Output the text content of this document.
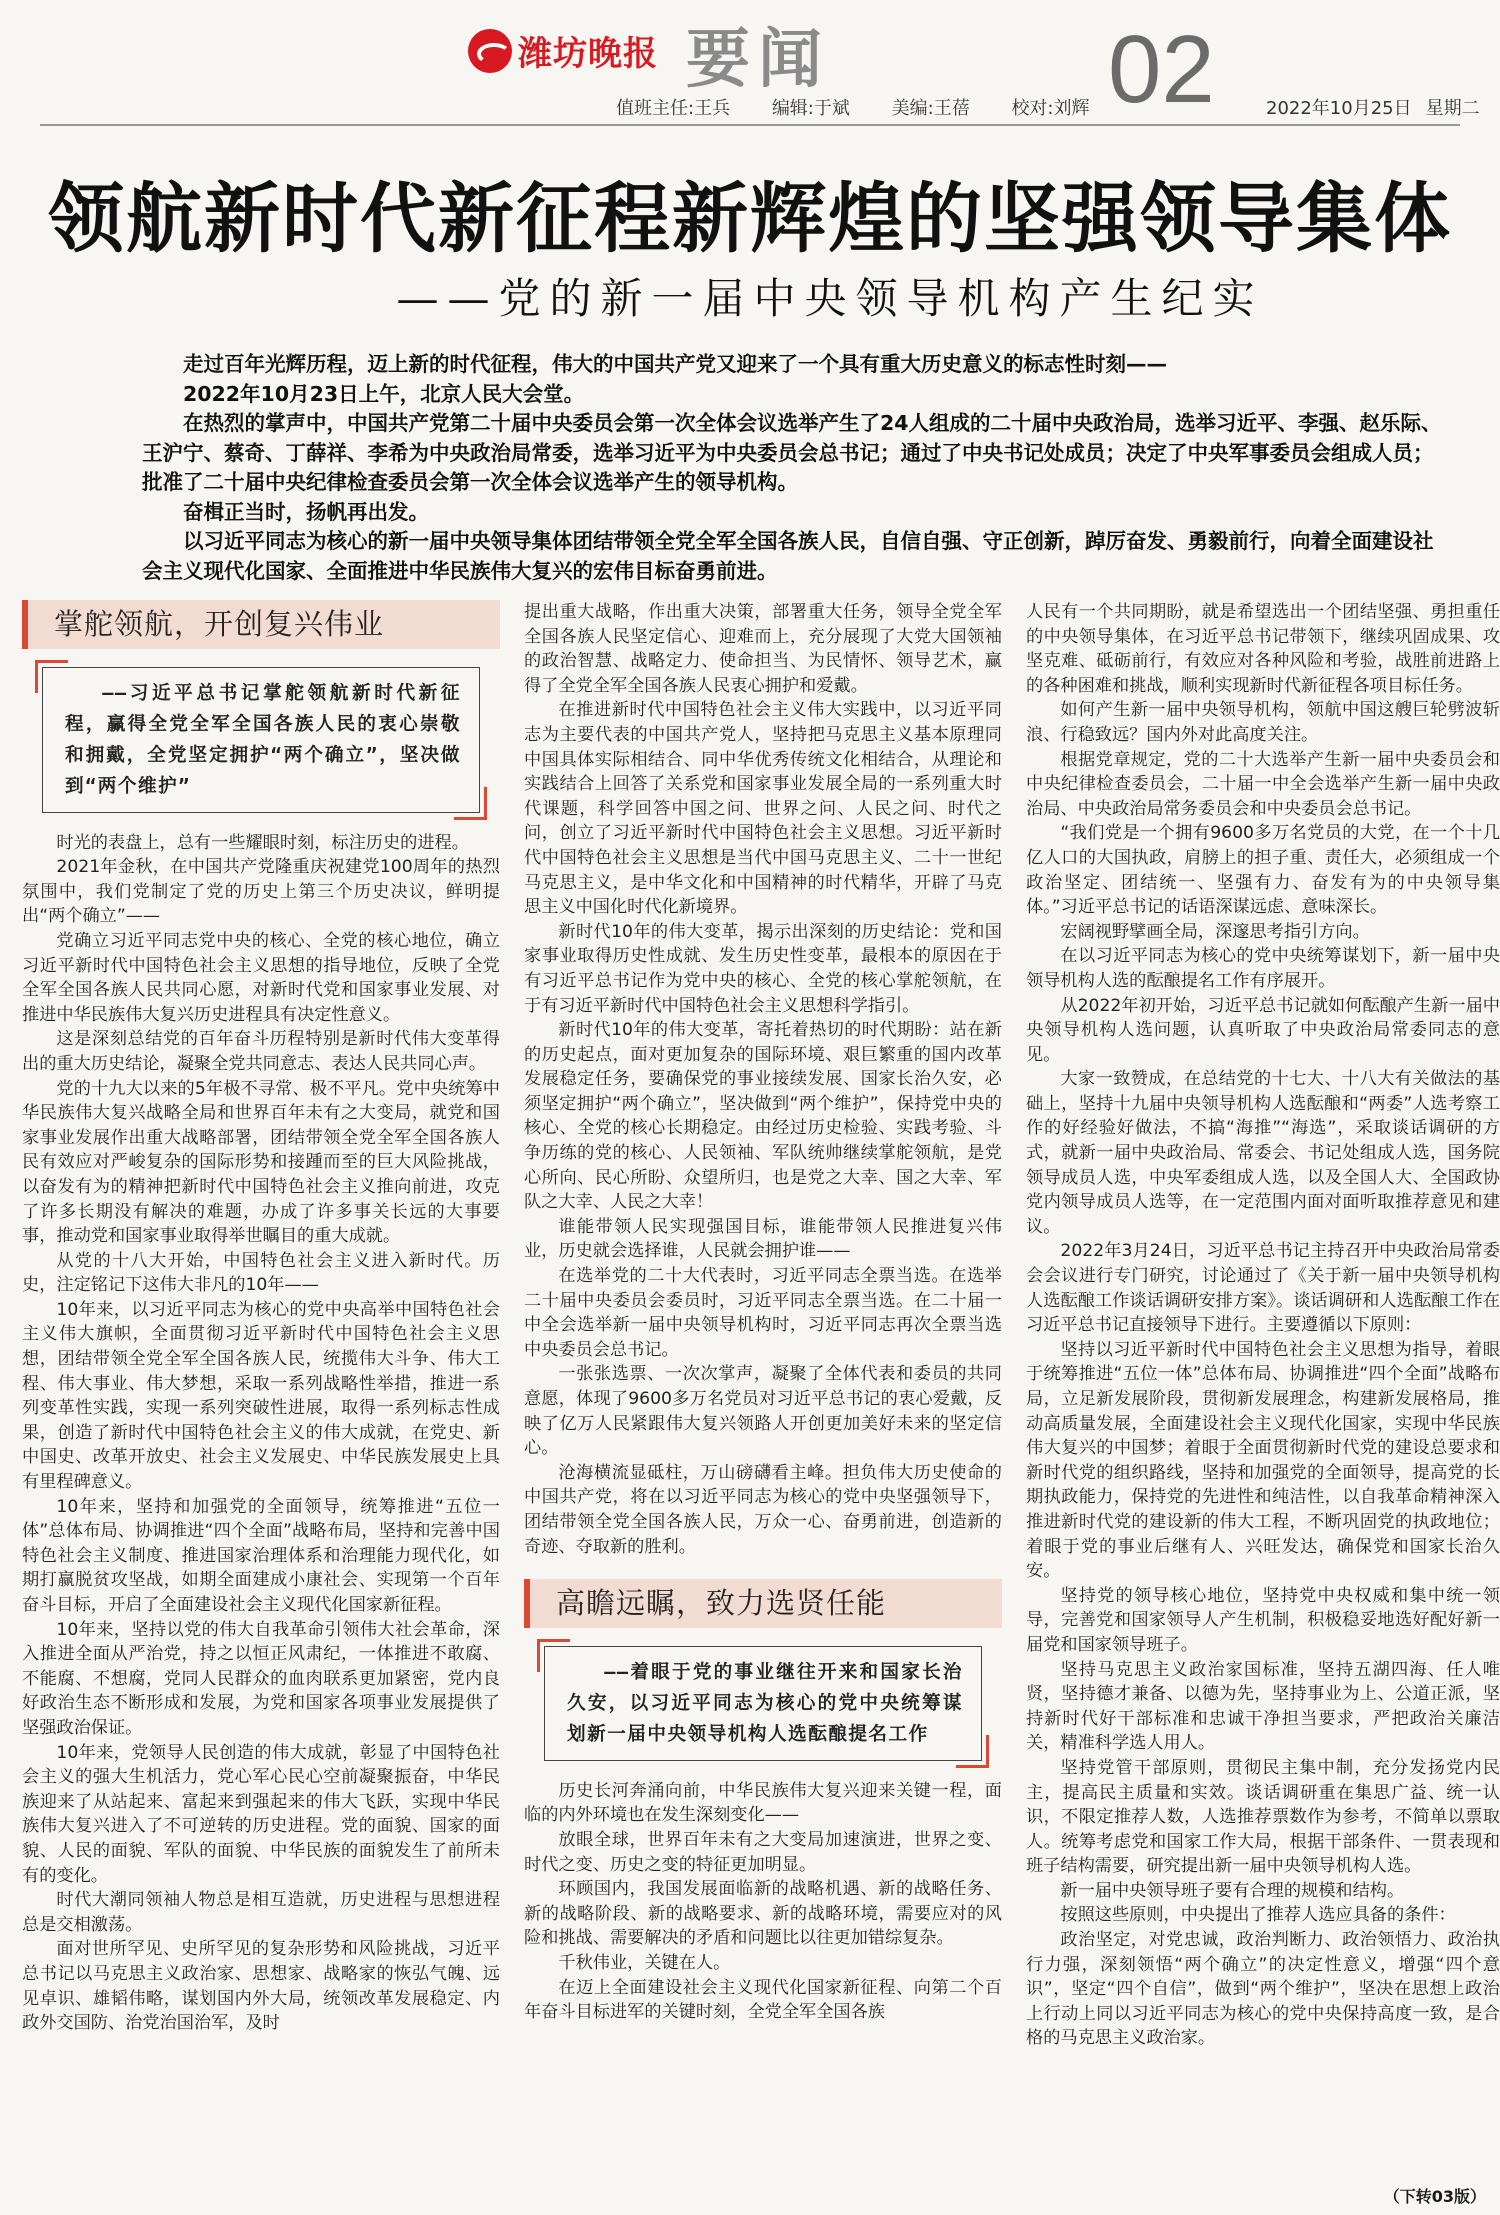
潍坊晚报 要闻	02
值班主任:王兵 编辑:于斌 美编:王蓓 校对:刘辉	2022年10月25日 星期二
领航新时代新征程新辉煌的坚强领导集体
——党的新一届中央领导机构产生纪实

走过百年光辉历程，迈上新的时代征程，伟大的中国共产党又迎来了一个具有重大历史意义的标志性时刻——

2022年10月23日上午，北京人民大会堂。

在热烈的掌声中，中国共产党第二十届中央委员会第一次全体会议选举产生了24人组成的二十届中央政治局，选举习近平、李强、赵乐际、王沪宁、蔡奇、丁薛祥、李希为中央政治局常委，选举习近平为中央委员会总书记；通过了中央书记处成员；决定了中央军事委员会组成人员；批准了二十届中央纪律检查委员会第一次全体会议选举产生的领导机构。

奋楫正当时，扬帆再出发。

以习近平同志为核心的新一届中央领导集体团结带领全党全军全国各族人民，自信自强、守正创新，踔厉奋发、勇毅前行，向着全面建设社会主义现代化国家、全面推进中华民族伟大复兴的宏伟目标奋勇前进。

掌舵领航，开创复兴伟业

——习近平总书记掌舵领航新时代新征程，赢得全党全军全国各族人民的衷心崇敬和拥戴，全党坚定拥护“两个确立”，坚决做到“两个维护”

时光的表盘上，总有一些耀眼时刻，标注历史的进程。

2021年金秋，在中国共产党隆重庆祝建党100周年的热烈氛围中，我们党制定了党的历史上第三个历史决议，鲜明提出“两个确立”——

党确立习近平同志党中央的核心、全党的核心地位，确立习近平新时代中国特色社会主义思想的指导地位，反映了全党全军全国各族人民共同心愿，对新时代党和国家事业发展、对推进中华民族伟大复兴历史进程具有决定性意义。

这是深刻总结党的百年奋斗历程特别是新时代伟大变革得出的重大历史结论，凝聚全党共同意志、表达人民共同心声。

党的十九大以来的5年极不寻常、极不平凡。党中央统筹中华民族伟大复兴战略全局和世界百年未有之大变局，就党和国家事业发展作出重大战略部署，团结带领全党全军全国各族人民有效应对严峻复杂的国际形势和接踵而至的巨大风险挑战，以奋发有为的精神把新时代中国特色社会主义推向前进，攻克了许多长期没有解决的难题，办成了许多事关长远的大事要事，推动党和国家事业取得举世瞩目的重大成就。

从党的十八大开始，中国特色社会主义进入新时代。历史，注定铭记下这伟大非凡的10年——

10年来，以习近平同志为核心的党中央高举中国特色社会主义伟大旗帜，全面贯彻习近平新时代中国特色社会主义思想，团结带领全党全军全国各族人民，统揽伟大斗争、伟大工程、伟大事业、伟大梦想，采取一系列战略性举措，推进一系列变革性实践，实现一系列突破性进展，取得一系列标志性成果，创造了新时代中国特色社会主义的伟大成就，在党史、新中国史、改革开放史、社会主义发展史、中华民族发展史上具有里程碑意义。

10年来，坚持和加强党的全面领导，统筹推进“五位一体”总体布局、协调推进“四个全面”战略布局，坚持和完善中国特色社会主义制度、推进国家治理体系和治理能力现代化，如期打赢脱贫攻坚战，如期全面建成小康社会、实现第一个百年奋斗目标，开启了全面建设社会主义现代化国家新征程。

10年来，坚持以党的伟大自我革命引领伟大社会革命，深入推进全面从严治党，持之以恒正风肃纪，一体推进不敢腐、不能腐、不想腐，党同人民群众的血肉联系更加紧密，党内良好政治生态不断形成和发展，为党和国家各项事业发展提供了坚强政治保证。

10年来，党领导人民创造的伟大成就，彰显了中国特色社会主义的强大生机活力，党心军心民心空前凝聚振奋，中华民族迎来了从站起来、富起来到强起来的伟大飞跃，实现中华民族伟大复兴进入了不可逆转的历史进程。党的面貌、国家的面貌、人民的面貌、军队的面貌、中华民族的面貌发生了前所未有的变化。

时代大潮同领袖人物总是相互造就，历史进程与思想进程总是交相激荡。

面对世所罕见、史所罕见的复杂形势和风险挑战，习近平总书记以马克思主义政治家、思想家、战略家的恢弘气魄、远见卓识、雄韬伟略，谋划国内外大局，统领改革发展稳定、内政外交国防、治党治国治军，及时

提出重大战略，作出重大决策，部署重大任务，领导全党全军全国各族人民坚定信心、迎难而上，充分展现了大党大国领袖的政治智慧、战略定力、使命担当、为民情怀、领导艺术，赢得了全党全军全国各族人民衷心拥护和爱戴。

在推进新时代中国特色社会主义伟大实践中，以习近平同志为主要代表的中国共产党人，坚持把马克思主义基本原理同中国具体实际相结合、同中华优秀传统文化相结合，从理论和实践结合上回答了关系党和国家事业发展全局的一系列重大时代课题，科学回答中国之问、世界之问、人民之问、时代之问，创立了习近平新时代中国特色社会主义思想。习近平新时代中国特色社会主义思想是当代中国马克思主义、二十一世纪马克思主义，是中华文化和中国精神的时代精华，开辟了马克思主义中国化时代化新境界。

新时代10年的伟大变革，揭示出深刻的历史结论：党和国家事业取得历史性成就、发生历史性变革，最根本的原因在于有习近平总书记作为党中央的核心、全党的核心掌舵领航，在于有习近平新时代中国特色社会主义思想科学指引。

新时代10年的伟大变革，寄托着热切的时代期盼：站在新的历史起点，面对更加复杂的国际环境、艰巨繁重的国内改革发展稳定任务，要确保党的事业接续发展、国家长治久安，必须坚定拥护“两个确立”，坚决做到“两个维护”，保持党中央的核心、全党的核心长期稳定。由经过历史检验、实践考验、斗争历练的党的核心、人民领袖、军队统帅继续掌舵领航，是党心所向、民心所盼、众望所归，也是党之大幸、国之大幸、军队之大幸、人民之大幸！

谁能带领人民实现强国目标，谁能带领人民推进复兴伟业，历史就会选择谁，人民就会拥护谁——

在选举党的二十大代表时，习近平同志全票当选。在选举二十届中央委员会委员时，习近平同志全票当选。在二十届一中全会选举新一届中央领导机构时，习近平同志再次全票当选中央委员会总书记。

一张张选票、一次次掌声，凝聚了全体代表和委员的共同意愿，体现了9600多万名党员对习近平总书记的衷心爱戴，反映了亿万人民紧跟伟大复兴领路人开创更加美好未来的坚定信心。

沧海横流显砥柱，万山磅礴看主峰。担负伟大历史使命的中国共产党，将在以习近平同志为核心的党中央坚强领导下，团结带领全党全国各族人民，万众一心、奋勇前进，创造新的奇迹、夺取新的胜利。

高瞻远瞩，致力选贤任能

——着眼于党的事业继往开来和国家长治久安，以习近平同志为核心的党中央统筹谋划新一届中央领导机构人选酝酿提名工作

历史长河奔涌向前，中华民族伟大复兴迎来关键一程，面临的内外环境也在发生深刻变化——

放眼全球，世界百年未有之大变局加速演进，世界之变、时代之变、历史之变的特征更加明显。

环顾国内，我国发展面临新的战略机遇、新的战略任务、新的战略阶段、新的战略要求、新的战略环境，需要应对的风险和挑战、需要解决的矛盾和问题比以往更加错综复杂。

千秋伟业，关键在人。

在迈上全面建设社会主义现代化国家新征程、向第二个百年奋斗目标进军的关键时刻，全党全军全国各族

人民有一个共同期盼，就是希望选出一个团结坚强、勇担重任的中央领导集体，在习近平总书记带领下，继续巩固成果、攻坚克难、砥砺前行，有效应对各种风险和考验，战胜前进路上的各种困难和挑战，顺利实现新时代新征程各项目标任务。

如何产生新一届中央领导机构，领航中国这艘巨轮劈波斩浪、行稳致远？国内外对此高度关注。

根据党章规定，党的二十大选举产生新一届中央委员会和中央纪律检查委员会，二十届一中全会选举产生新一届中央政治局、中央政治局常务委员会和中央委员会总书记。

“我们党是一个拥有9600多万名党员的大党，在一个十几亿人口的大国执政，肩膀上的担子重、责任大，必须组成一个政治坚定、团结统一、坚强有力、奋发有为的中央领导集体。”习近平总书记的话语深谋远虑、意味深长。

宏阔视野擘画全局，深邃思考指引方向。

在以习近平同志为核心的党中央统筹谋划下，新一届中央领导机构人选的酝酿提名工作有序展开。

从2022年初开始，习近平总书记就如何酝酿产生新一届中央领导机构人选问题，认真听取了中央政治局常委同志的意见。

大家一致赞成，在总结党的十七大、十八大有关做法的基础上，坚持十九届中央领导机构人选酝酿和“两委”人选考察工作的好经验好做法，不搞“海推”“海选”，采取谈话调研的方式，就新一届中央政治局、常委会、书记处组成人选，国务院领导成员人选，中央军委组成人选，以及全国人大、全国政协党内领导成员人选等，在一定范围内面对面听取推荐意见和建议。

2022年3月24日，习近平总书记主持召开中央政治局常委会会议进行专门研究，讨论通过了《关于新一届中央领导机构人选酝酿工作谈话调研安排方案》。谈话调研和人选酝酿工作在习近平总书记直接领导下进行。主要遵循以下原则：

坚持以习近平新时代中国特色社会主义思想为指导，着眼于统筹推进“五位一体”总体布局、协调推进“四个全面”战略布局，立足新发展阶段，贯彻新发展理念，构建新发展格局，推动高质量发展，全面建设社会主义现代化国家，实现中华民族伟大复兴的中国梦；着眼于全面贯彻新时代党的建设总要求和新时代党的组织路线，坚持和加强党的全面领导，提高党的长期执政能力，保持党的先进性和纯洁性，以自我革命精神深入推进新时代党的建设新的伟大工程，不断巩固党的执政地位；着眼于党的事业后继有人、兴旺发达，确保党和国家长治久安。

坚持党的领导核心地位，坚持党中央权威和集中统一领导，完善党和国家领导人产生机制，积极稳妥地选好配好新一届党和国家领导班子。

坚持马克思主义政治家国标准，坚持五湖四海、任人唯贤，坚持德才兼备、以德为先，坚持事业为上、公道正派，坚持新时代好干部标准和忠诚干净担当要求，严把政治关廉洁关，精准科学选人用人。

坚持党管干部原则，贯彻民主集中制，充分发扬党内民主，提高民主质量和实效。谈话调研重在集思广益、统一认识，不限定推荐人数，人选推荐票数作为参考，不简单以票取人。统筹考虑党和国家工作大局，根据干部条件、一贯表现和班子结构需要，研究提出新一届中央领导机构人选。

新一届中央领导班子要有合理的规模和结构。

按照这些原则，中央提出了推荐人选应具备的条件：

政治坚定，对党忠诚，政治判断力、政治领悟力、政治执行力强，深刻领悟“两个确立”的决定性意义，增强“四个意识”，坚定“四个自信”，做到“两个维护”，坚决在思想上政治上行动上同以习近平同志为核心的党中央保持高度一致，是合格的马克思主义政治家。

（下转03版）
